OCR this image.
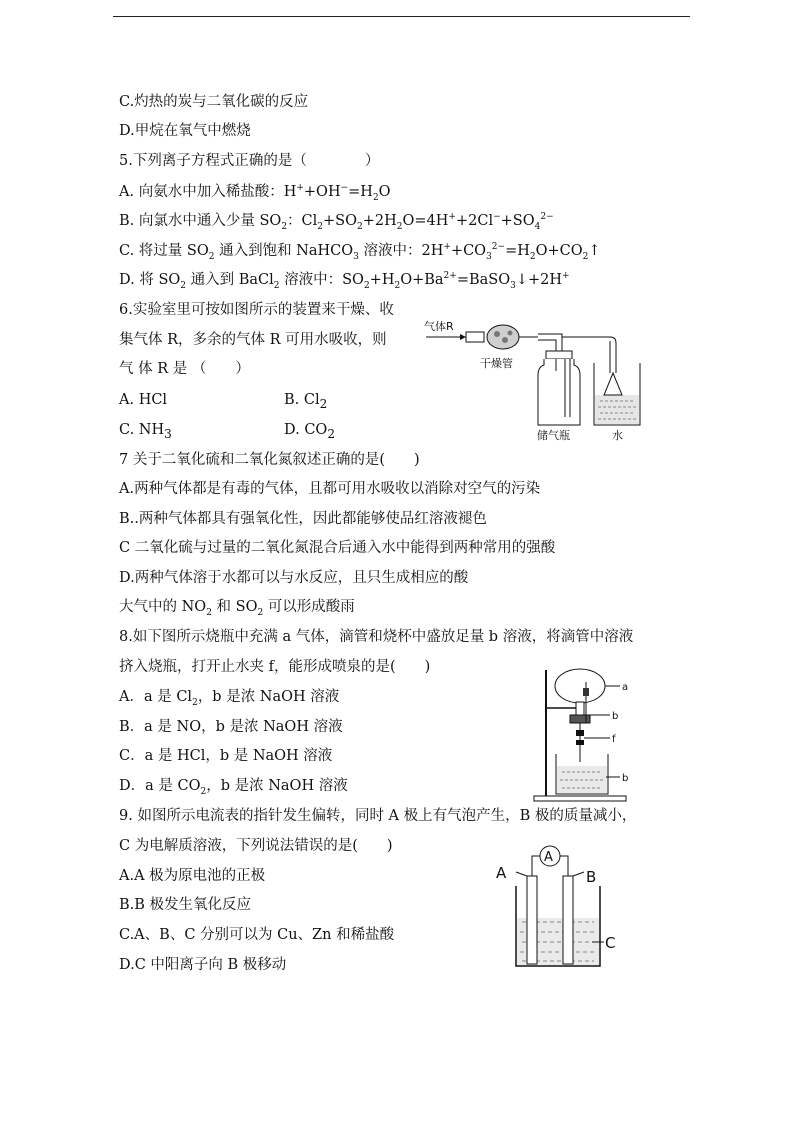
C.灼热的炭与二氧化碳的反应
D.甲烷在氧气中燃烧
5.下列离子方程式正确的是（　　　　）
A. 向氨水中加入稀盐酸：$H^++OH^-=H_2O$
B. 向氯水中通入少量 $SO_2$：$Cl_2+SO_2+2H_2O=4H^++2Cl^-+SO_4^{2-}$
C. 将过量 $SO_2$ 通入到饱和 NaHCO$_3$ 溶液中：$2H^++CO_3^{2-}=H_2O+CO_2↑$
D. 将 $SO_2$ 通入到 BaCl$_2$ 溶液中：$SO_2+H_2O+Ba^{2+}=BaSO_3↓+2H^+$
6.实验室里可按如图所示的装置来干燥、收
集气体 R，多余的气体 R 可用水吸收，则
气 体 R 是 （　　）
A. HCl	B. $Cl_2$
C. $NH_3$	D. $CO_2$
气体R
干燥管
储气瓶	水
7 关于二氧化硫和二氧化氮叙述正确的是(　　)
A.两种气体都是有毒的气体，且都可用水吸收以消除对空气的污染
B..两种气体都具有强氧化性，因此都能够使品红溶液褪色
C 二氧化硫与过量的二氧化氮混合后通入水中能得到两种常用的强酸
D.两种气体溶于水都可以与水反应，且只生成相应的酸
大气中的 $NO_2$ 和 $SO_2$ 可以形成酸雨
8.如下图所示烧瓶中充满 a 气体，滴管和烧杯中盛放足量 b 溶液，将滴管中溶液
挤入烧瓶，打开止水夹 f，能形成喷泉的是(　　)
A．a 是 $Cl_2$，b 是浓 NaOH 溶液
B．a 是 NO，b 是浓 NaOH 溶液
C．a 是 HCl，b 是 NaOH 溶液
D．a 是 $CO_2$，b 是浓 NaOH 溶液
a
b
f
b
9. 如图所示电流表的指针发生偏转，同时 A 极上有气泡产生，B 极的质量减小，
C 为电解质溶液，下列说法错误的是(　　)
A.A 极为原电池的正极
B.B 极发生氧化反应
C.A、B、C 分别可以为 Cu、Zn 和稀盐酸
D.C 中阳离子向 B 极移动
A
A	B
C
